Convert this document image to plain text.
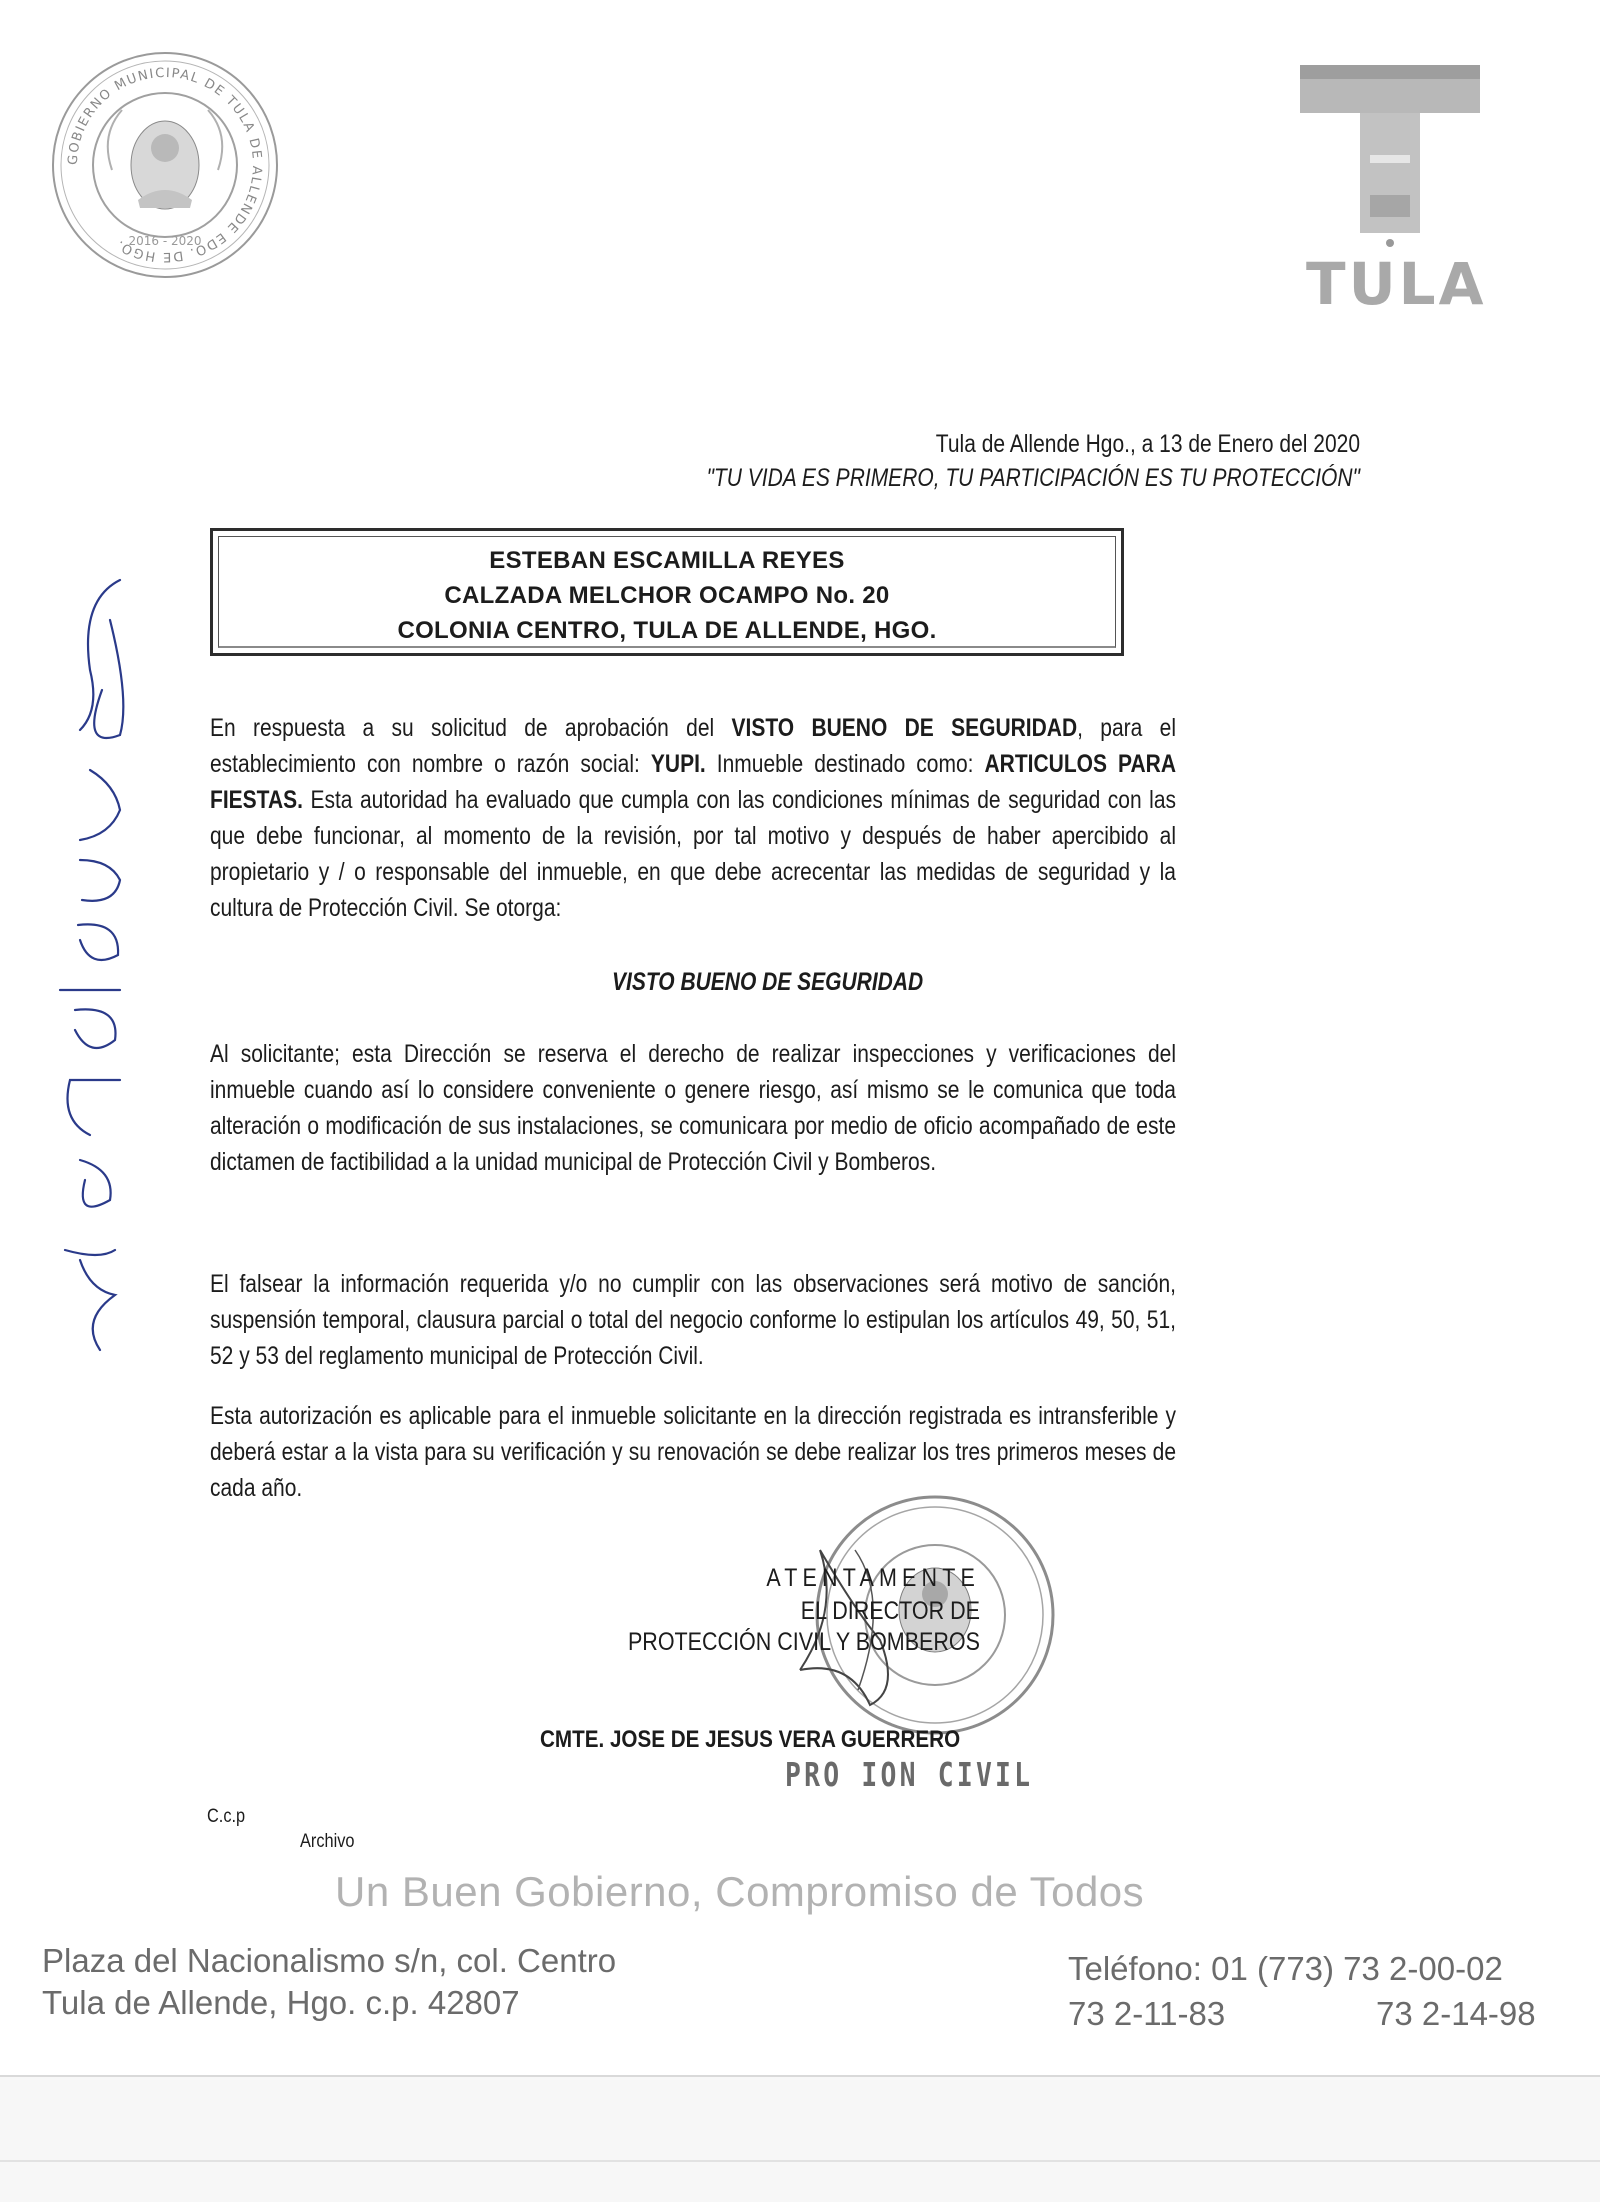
GOBIERNO MUNICIPAL DE TULA DE ALLENDE EDO. DE HGO. 2016 - 2020
TULA
Tula de Allende Hgo., a 13 de Enero del 2020
"TU VIDA ES PRIMERO, TU PARTICIPACIÓN ES TU PROTECCIÓN"
ESTEBAN ESCAMILLA REYES
CALZADA MELCHOR OCAMPO No. 20
COLONIA CENTRO, TULA DE ALLENDE, HGO.
En respuesta a su solicitud de aprobación del VISTO BUENO DE SEGURIDAD, para el establecimiento con nombre o razón social: YUPI. Inmueble destinado como: ARTICULOS PARA FIESTAS. Esta autoridad ha evaluado que cumpla con las condiciones mínimas de seguridad con las que debe funcionar, al momento de la revisión, por tal motivo y después de haber apercibido al propietario y / o responsable del inmueble, en que debe acrecentar las medidas de seguridad y la cultura de Protección Civil. Se otorga:
VISTO BUENO DE SEGURIDAD
Al solicitante; esta Dirección se reserva el derecho de realizar inspecciones y verificaciones del inmueble cuando así lo considere conveniente o genere riesgo, así mismo se le comunica que toda alteración o modificación de sus instalaciones, se comunicara por medio de oficio acompañado de este dictamen de factibilidad a la unidad municipal de Protección Civil y Bomberos.
El falsear la información requerida y/o no cumplir con las observaciones será motivo de sanción, suspensión temporal, clausura parcial o total del negocio conforme lo estipulan los artículos 49, 50, 51, 52 y 53 del reglamento municipal de Protección Civil.
Esta autorización es aplicable para el inmueble solicitante en la dirección registrada es intransferible y deberá estar a la vista para su verificación y su renovación se debe realizar los tres primeros meses de cada año.
ATENTAMENTE
EL DIRECTOR DE
PROTECCIÓN CIVIL Y BOMBEROS
CMTE. JOSE DE JESUS VERA GUERRERO
PRO ION CIVIL
C.c.p
Archivo
Un Buen Gobierno, Compromiso de Todos
Plaza del Nacionalismo s/n, col. Centro
Tula de Allende, Hgo. c.p. 42807
Teléfono: 01 (773) 73 2-00-02
73 2-11-83	73 2-14-98
